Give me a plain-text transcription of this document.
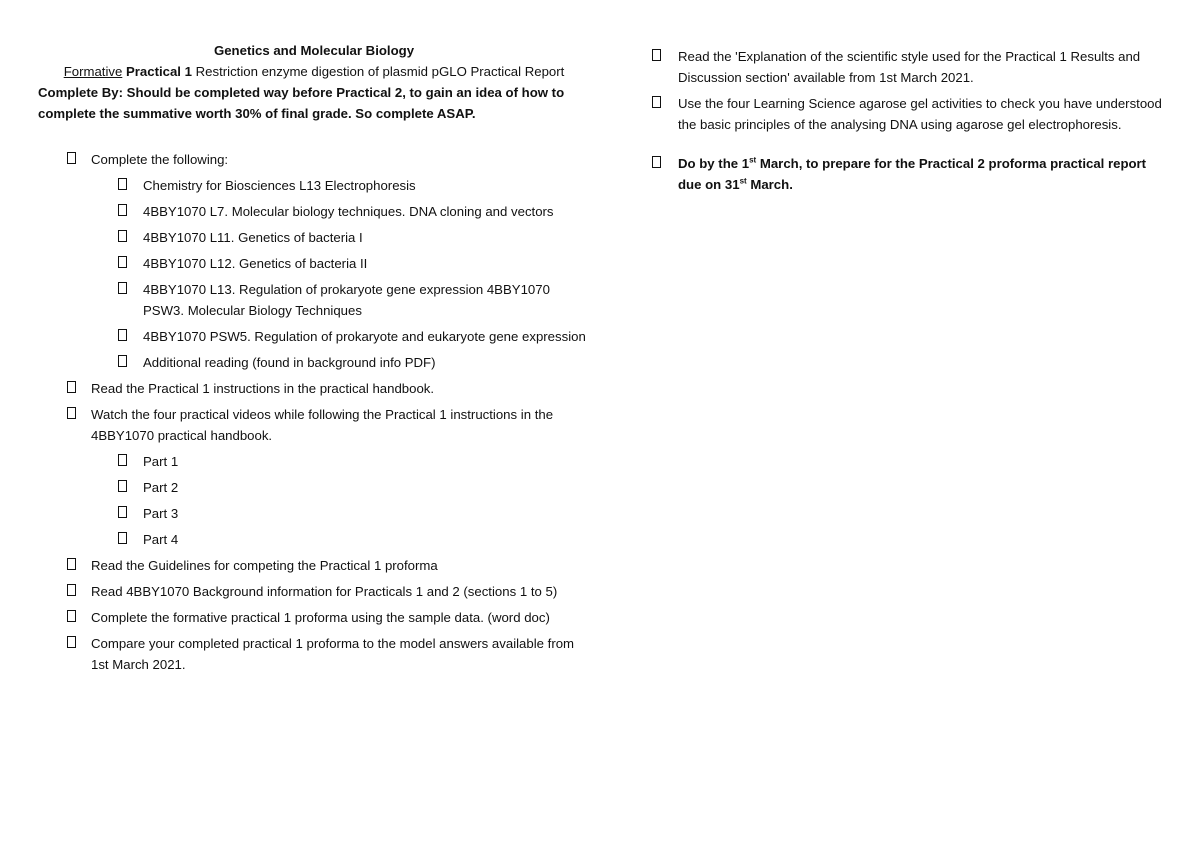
Genetics and Molecular Biology
Formative Practical 1 Restriction enzyme digestion of plasmid pGLO Practical Report
Complete By: Should be completed way before Practical 2, to gain an idea of how to complete the summative worth 30% of final grade. So complete ASAP.
Complete the following:
Chemistry for Biosciences L13 Electrophoresis
4BBY1070 L7. Molecular biology techniques. DNA cloning and vectors
4BBY1070 L11. Genetics of bacteria I
4BBY1070 L12. Genetics of bacteria II
4BBY1070 L13. Regulation of prokaryote gene expression 4BBY1070 PSW3. Molecular Biology Techniques
4BBY1070 PSW5. Regulation of prokaryote and eukaryote gene expression
Additional reading (found in background info PDF)
Read the Practical 1 instructions in the practical handbook.
Watch the four practical videos while following the Practical 1 instructions in the 4BBY1070 practical handbook.
Part 1
Part 2
Part 3
Part 4
Read the Guidelines for competing the Practical 1 proforma
Read 4BBY1070 Background information for Practicals 1 and 2 (sections 1 to 5)
Complete the formative practical 1 proforma using the sample data. (word doc)
Compare your completed practical 1 proforma to the model answers available from 1st March 2021.
Read the 'Explanation of the scientific style used for the Practical 1 Results and Discussion section' available from 1st March 2021.
Use the four Learning Science agarose gel activities to check you have understood the basic principles of the analysing DNA using agarose gel electrophoresis.
Do by the 1st March, to prepare for the Practical 2 proforma practical report due on 31st March.
